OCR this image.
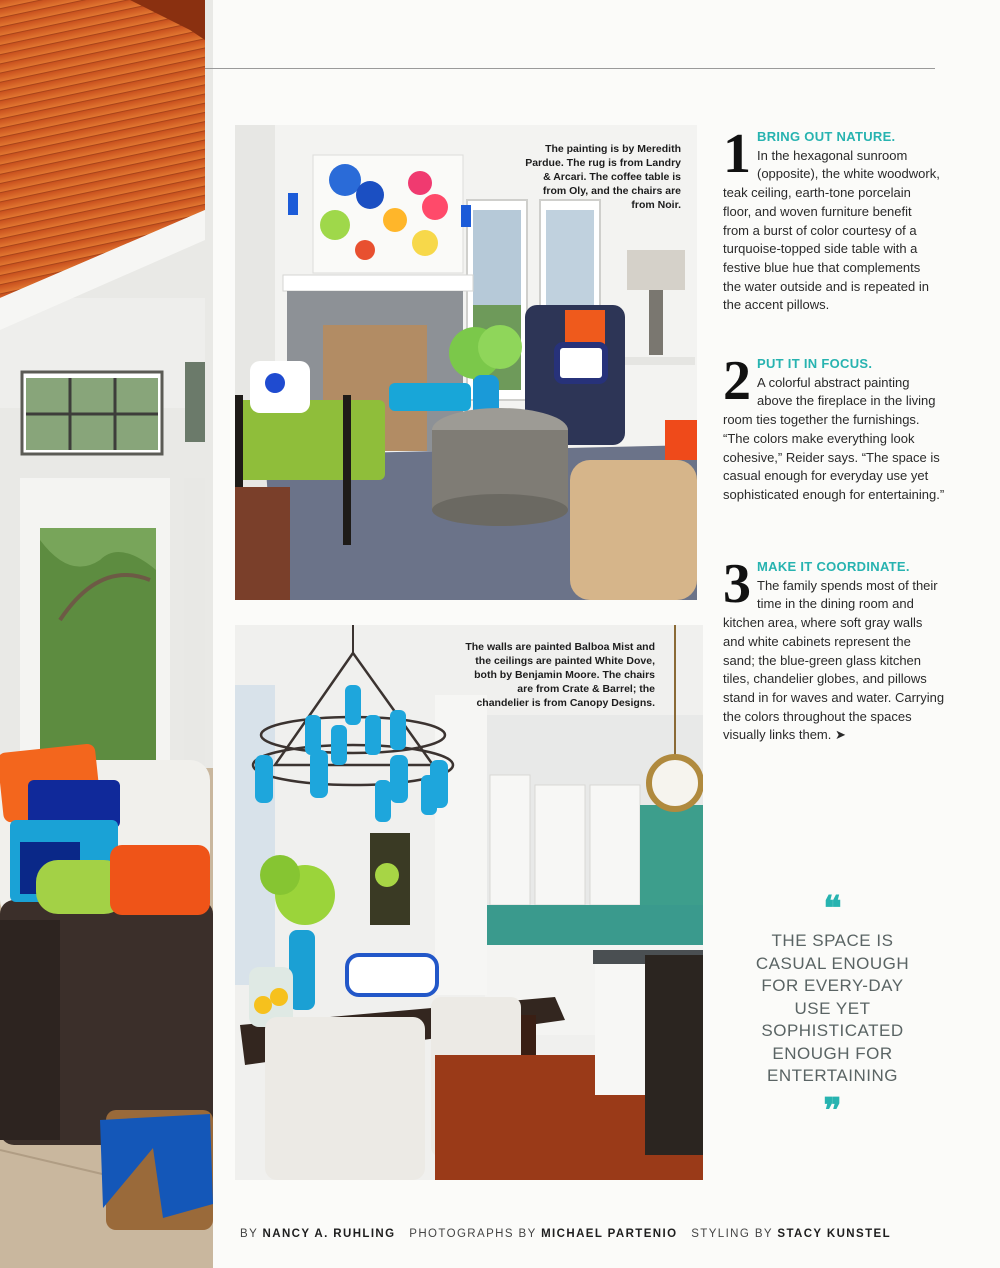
The painting is by Meredith Pardue. The rug is from Landry & Arcari. The coffee table is from Oly, and the chairs are from Noir.
The walls are painted Balboa Mist and the ceilings are painted White Dove, both by Benjamin Moore. The chairs are from Crate & Barrel; the chandelier is from Canopy Designs.
1 BRING OUT NATURE.
In the hexagonal sunroom (opposite), the white woodwork, teak ceiling, earth-tone porcelain floor, and woven furniture benefit from a burst of color courtesy of a turquoise-topped side table with a festive blue hue that complements the water outside and is repeated in the accent pillows.
2 PUT IT IN FOCUS.
A colorful abstract painting above the fireplace in the living room ties together the furnishings. “The colors make everything look cohesive,” Reider says. “The space is casual enough for everyday use yet sophisticated enough for entertaining.”
3 MAKE IT COORDINATE.
The family spends most of their time in the dining room and kitchen area, where soft gray walls and white cabinets represent the sand; the blue-green glass kitchen tiles, chandelier globes, and pillows stand in for waves and water. Carrying the colors throughout the spaces visually links them. ➤
❝
THE SPACE IS CASUAL ENOUGH FOR EVERY-DAY USE YET SOPHISTICATED ENOUGH FOR ENTERTAINING
❞
BY NANCY A. RUHLING PHOTOGRAPHS BY MICHAEL PARTENIO STYLING BY STACY KUNSTEL
